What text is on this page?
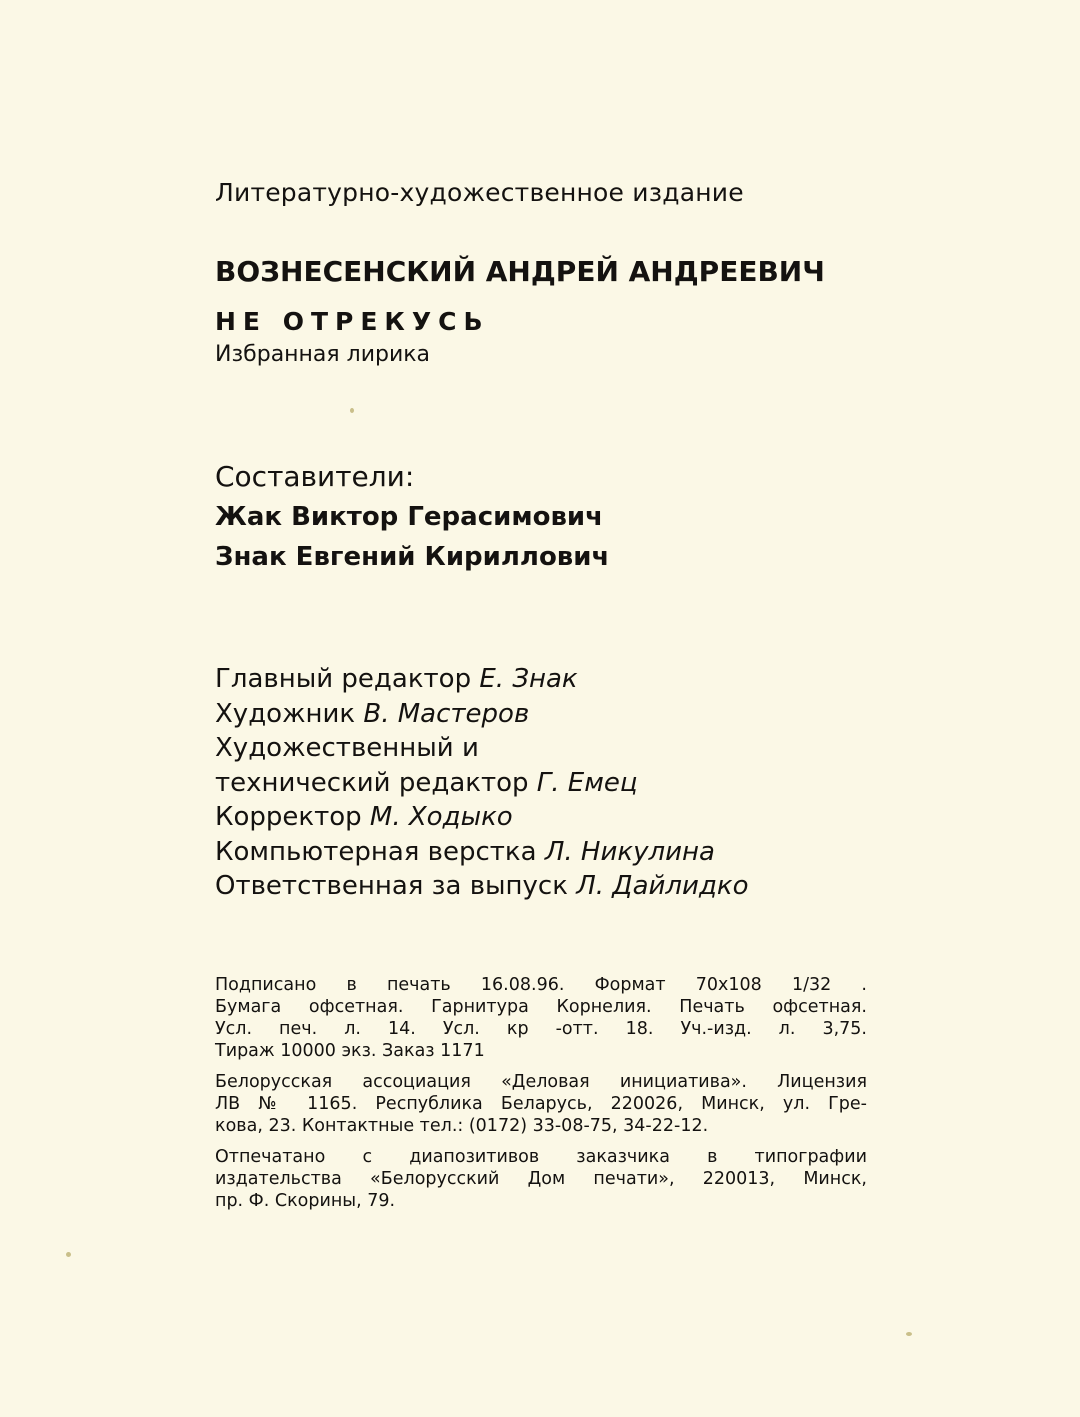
Литературно-художественное издание
ВОЗНЕСЕНСКИЙ АНДРЕЙ АНДРЕЕВИЧ
НЕ ОТРЕКУСЬ
Избранная лирика
Составители:
Жак Виктор Герасимович
Знак Евгений Кириллович
Главный редактор Е. Знак
Художник В. Мастеров
Художественный и
технический редактор Г. Емец
Корректор М. Ходыко
Компьютерная верстка Л. Никулина
Ответственная за выпуск Л. Дайлидко
Подписано в печать 16.08.96. Формат 70х108 1/32 .
Бумага офсетная. Гарнитура Корнелия. Печать офсетная.
Усл. печ. л. 14. Усл. кр -отт. 18. Уч.-изд. л. 3,75.
Тираж 10000 экз. Заказ 1171
Белорусская ассоциация «Деловая инициатива». Лицензия
ЛВ № 1165. Республика Беларусь, 220026, Минск, ул. Гре-
кова, 23. Контактные тел.: (0172) 33-08-75, 34-22-12.
Отпечатано с диапозитивов заказчика в типографии
издательства «Белорусский Дом печати», 220013, Минск,
пр. Ф. Скорины, 79.
